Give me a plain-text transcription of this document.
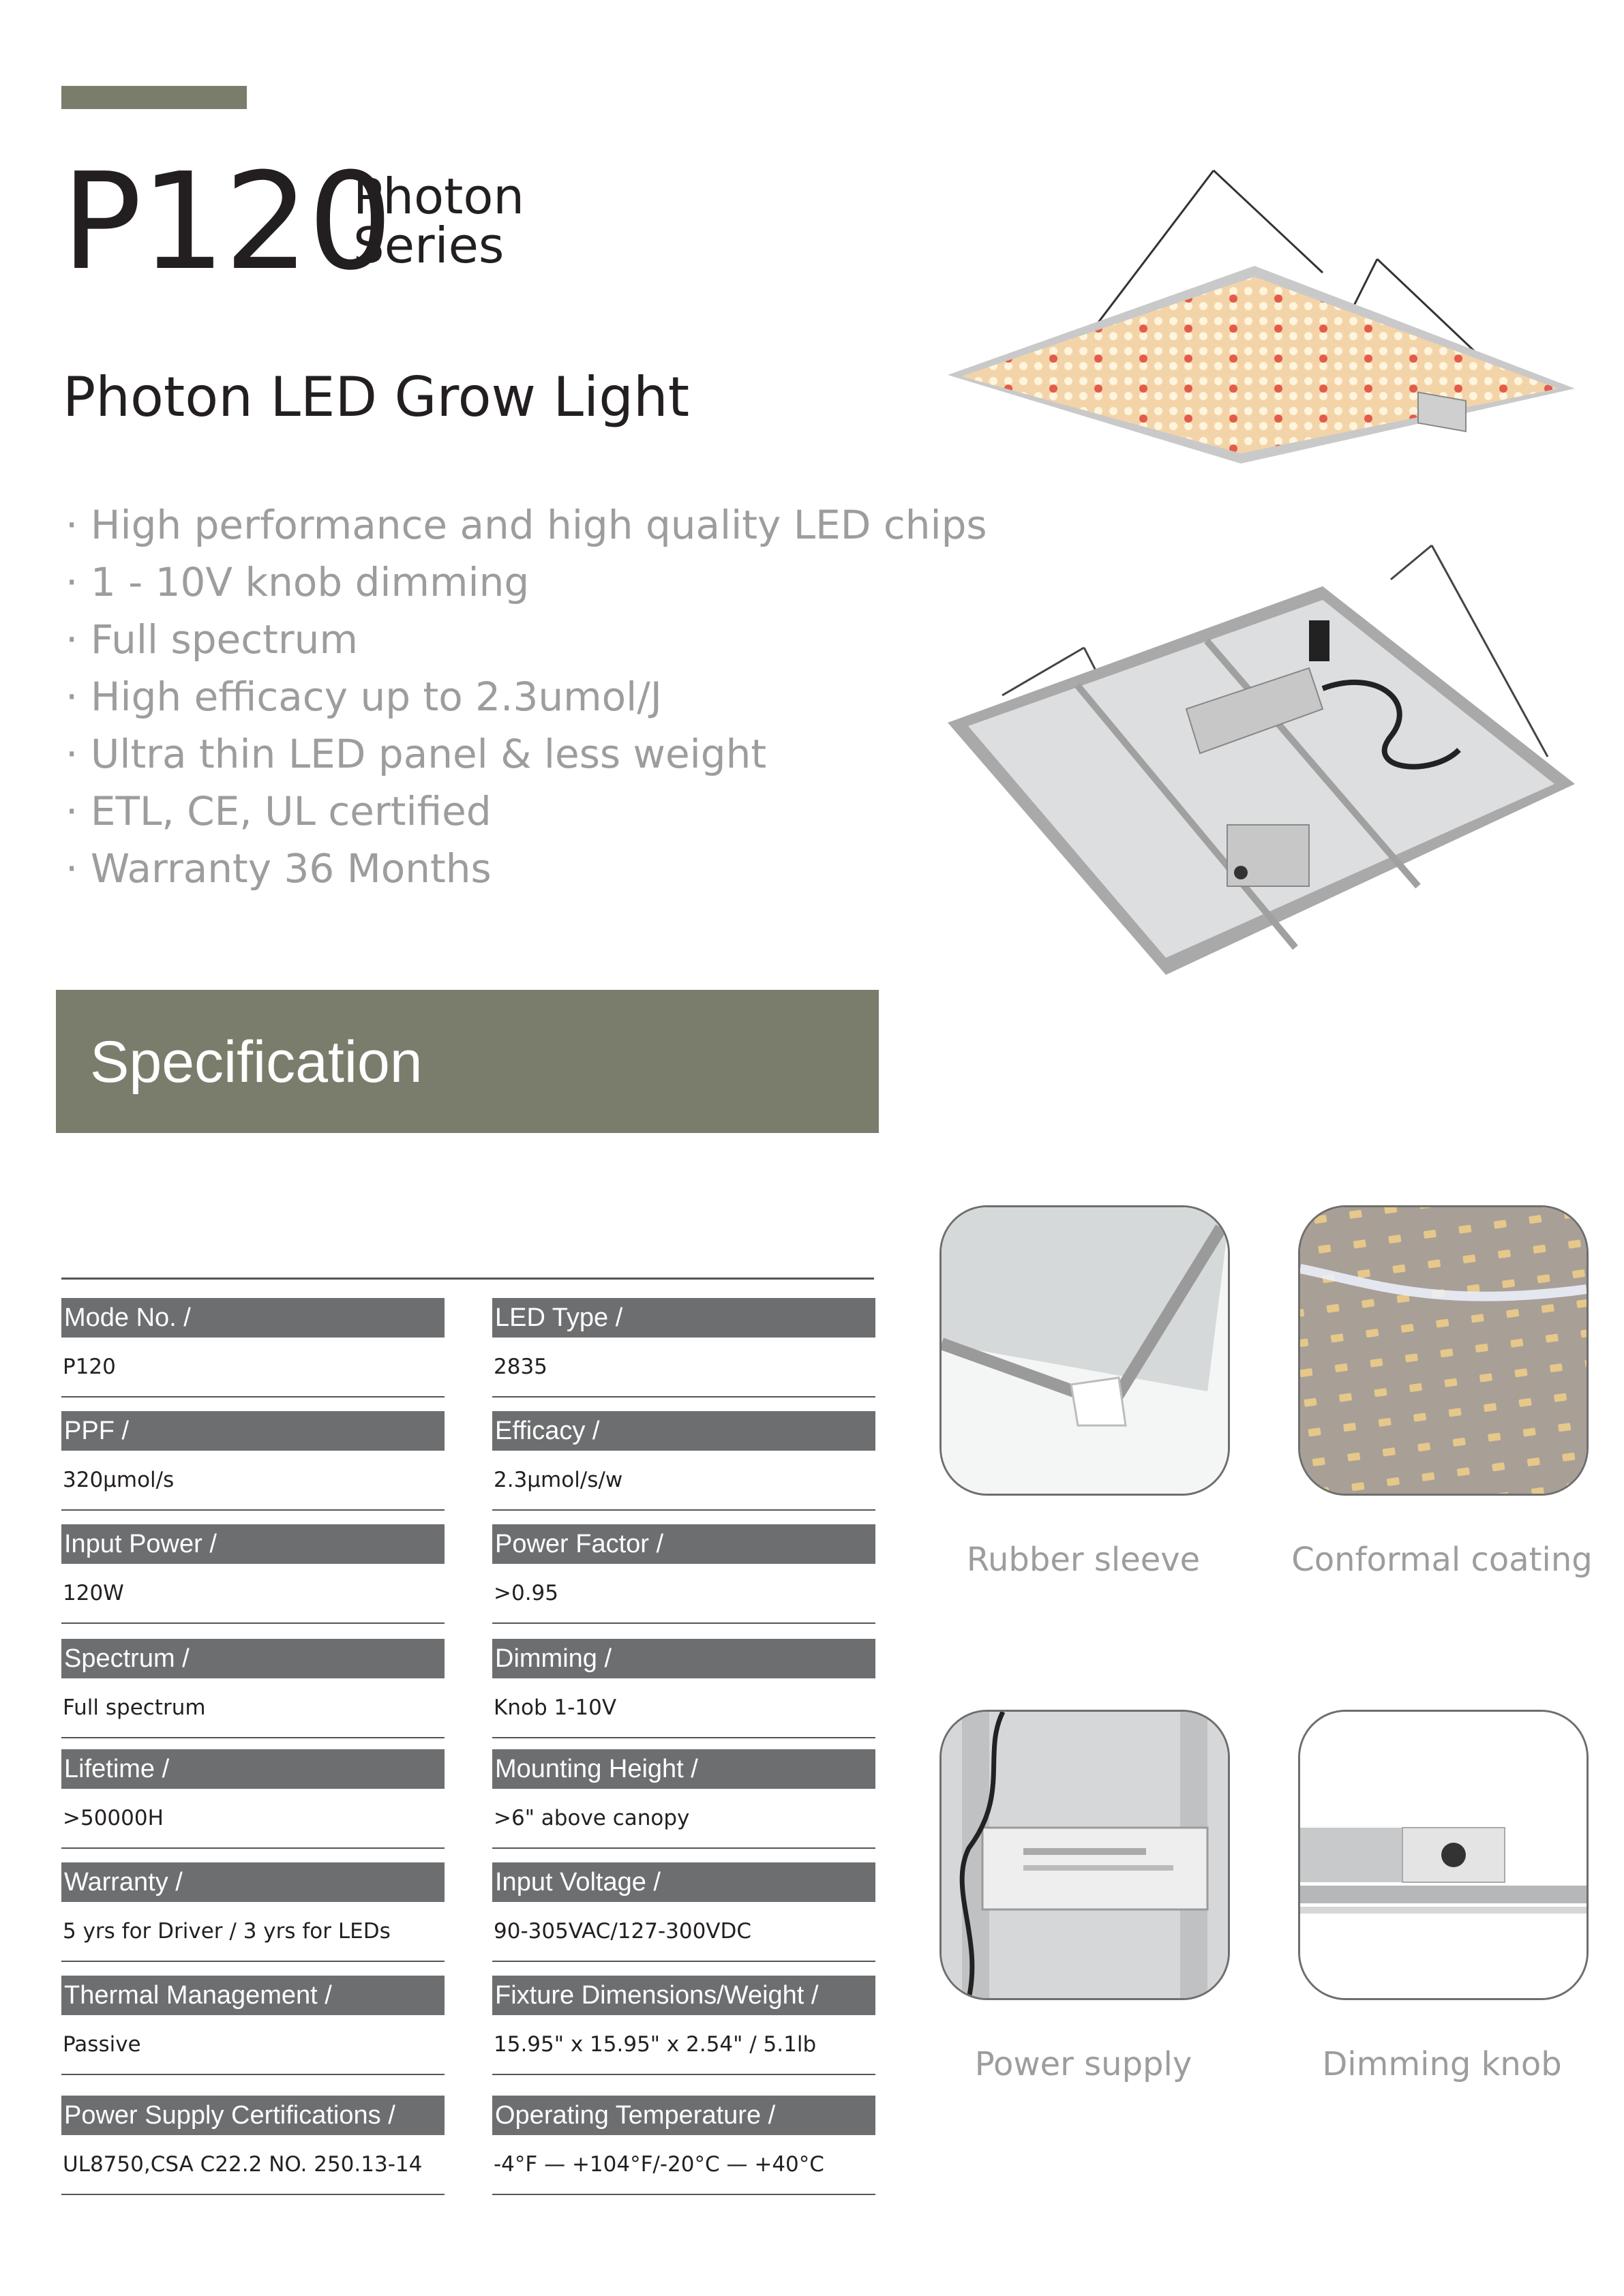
P120
Photon
Series
Photon LED Grow Light
· High performance and high quality LED chips
· 1 - 10V knob dimming
· Full spectrum
· High efficacy up to 2.3umol/J
· Ultra thin LED panel & less weight
· ETL, CE, UL certified
· Warranty 36 Months
Specification
Mode No. /
P120
LED Type /
2835
PPF /
320μmol/s
Efficacy /
2.3μmol/s/w
Input Power /
120W
Power Factor /
>0.95
Spectrum /
Full spectrum
Dimming /
Knob 1-10V
Lifetime /
>50000H
Mounting Height /
>6" above canopy
Warranty /
5 yrs for Driver / 3 yrs for LEDs
Input Voltage /
90-305VAC/127-300VDC
Thermal Management /
Passive
Fixture Dimensions/Weight /
15.95" x 15.95" x 2.54" / 5.1lb
Power Supply Certifications /
UL8750,CSA C22.2 NO. 250.13-14
Operating Temperature /
-4°F — +104°F/-20°C — +40°C
Rubber sleeve	Conformal coating
Power supply	Dimming knob
